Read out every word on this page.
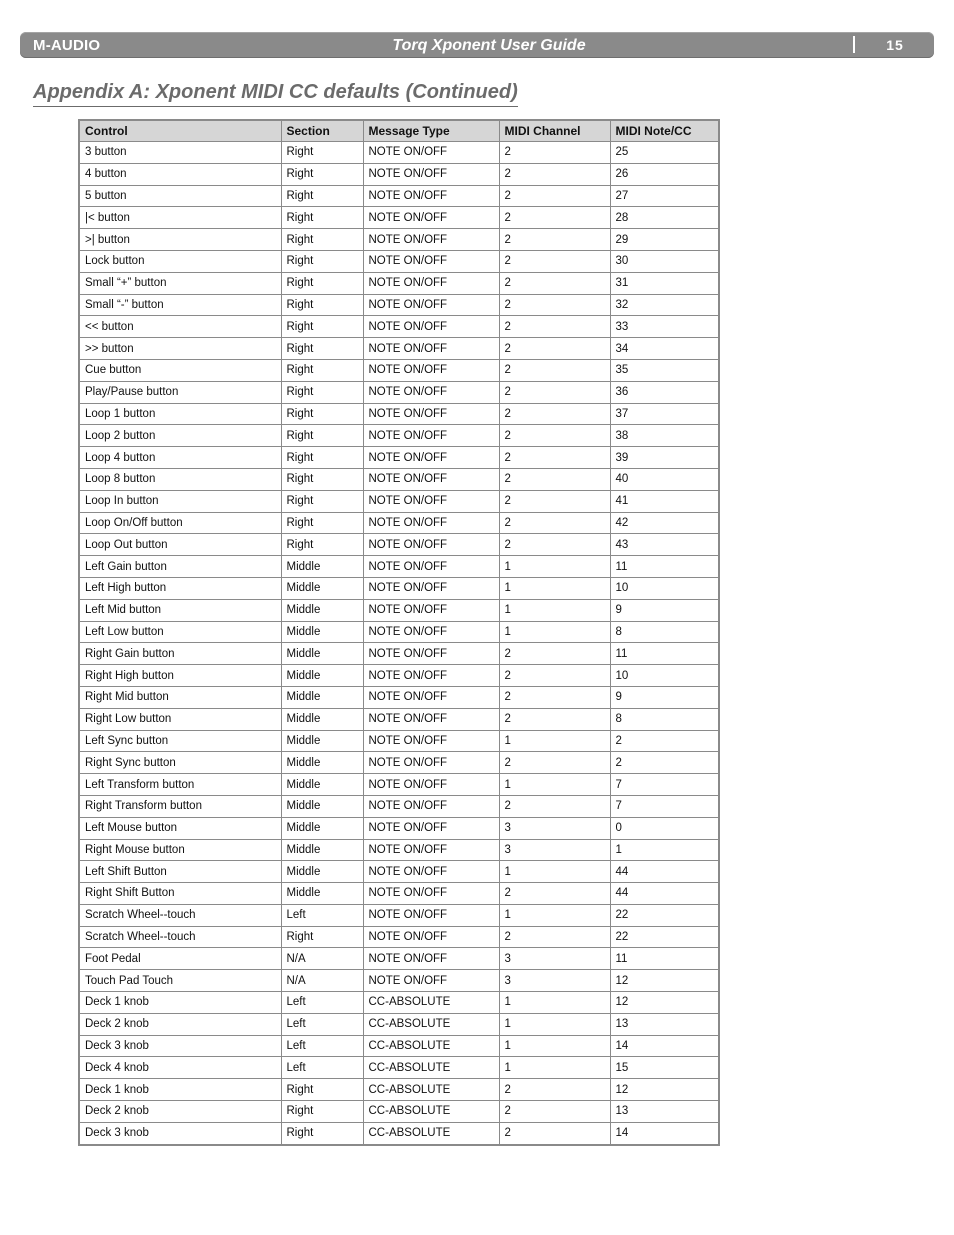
M-AUDIO	Torq Xponent User Guide	15
Appendix A: Xponent MIDI CC defaults (Continued)
Control	Section	Message Type	MIDI Channel	MIDI Note/CC
3 button	Right	NOTE ON/OFF	2	25
4 button	Right	NOTE ON/OFF	2	26
5 button	Right	NOTE ON/OFF	2	27
|< button	Right	NOTE ON/OFF	2	28
>| button	Right	NOTE ON/OFF	2	29
Lock button	Right	NOTE ON/OFF	2	30
Small “+” button	Right	NOTE ON/OFF	2	31
Small “-” button	Right	NOTE ON/OFF	2	32
<< button	Right	NOTE ON/OFF	2	33
>> button	Right	NOTE ON/OFF	2	34
Cue button	Right	NOTE ON/OFF	2	35
Play/Pause button	Right	NOTE ON/OFF	2	36
Loop 1 button	Right	NOTE ON/OFF	2	37
Loop 2 button	Right	NOTE ON/OFF	2	38
Loop 4 button	Right	NOTE ON/OFF	2	39
Loop 8 button	Right	NOTE ON/OFF	2	40
Loop In button	Right	NOTE ON/OFF	2	41
Loop On/Off button	Right	NOTE ON/OFF	2	42
Loop Out button	Right	NOTE ON/OFF	2	43
Left Gain button	Middle	NOTE ON/OFF	1	11
Left High button	Middle	NOTE ON/OFF	1	10
Left Mid button	Middle	NOTE ON/OFF	1	9
Left Low button	Middle	NOTE ON/OFF	1	8
Right Gain button	Middle	NOTE ON/OFF	2	11
Right High button	Middle	NOTE ON/OFF	2	10
Right Mid button	Middle	NOTE ON/OFF	2	9
Right Low button	Middle	NOTE ON/OFF	2	8
Left Sync button	Middle	NOTE ON/OFF	1	2
Right Sync button	Middle	NOTE ON/OFF	2	2
Left Transform button	Middle	NOTE ON/OFF	1	7
Right Transform button	Middle	NOTE ON/OFF	2	7
Left Mouse button	Middle	NOTE ON/OFF	3	0
Right Mouse button	Middle	NOTE ON/OFF	3	1
Left Shift Button	Middle	NOTE ON/OFF	1	44
Right Shift Button	Middle	NOTE ON/OFF	2	44
Scratch Wheel--touch	Left	NOTE ON/OFF	1	22
Scratch Wheel--touch	Right	NOTE ON/OFF	2	22
Foot Pedal	N/A	NOTE ON/OFF	3	11
Touch Pad Touch	N/A	NOTE ON/OFF	3	12
Deck 1 knob	Left	CC-ABSOLUTE	1	12
Deck 2 knob	Left	CC-ABSOLUTE	1	13
Deck 3 knob	Left	CC-ABSOLUTE	1	14
Deck 4 knob	Left	CC-ABSOLUTE	1	15
Deck 1 knob	Right	CC-ABSOLUTE	2	12
Deck 2 knob	Right	CC-ABSOLUTE	2	13
Deck 3 knob	Right	CC-ABSOLUTE	2	14
